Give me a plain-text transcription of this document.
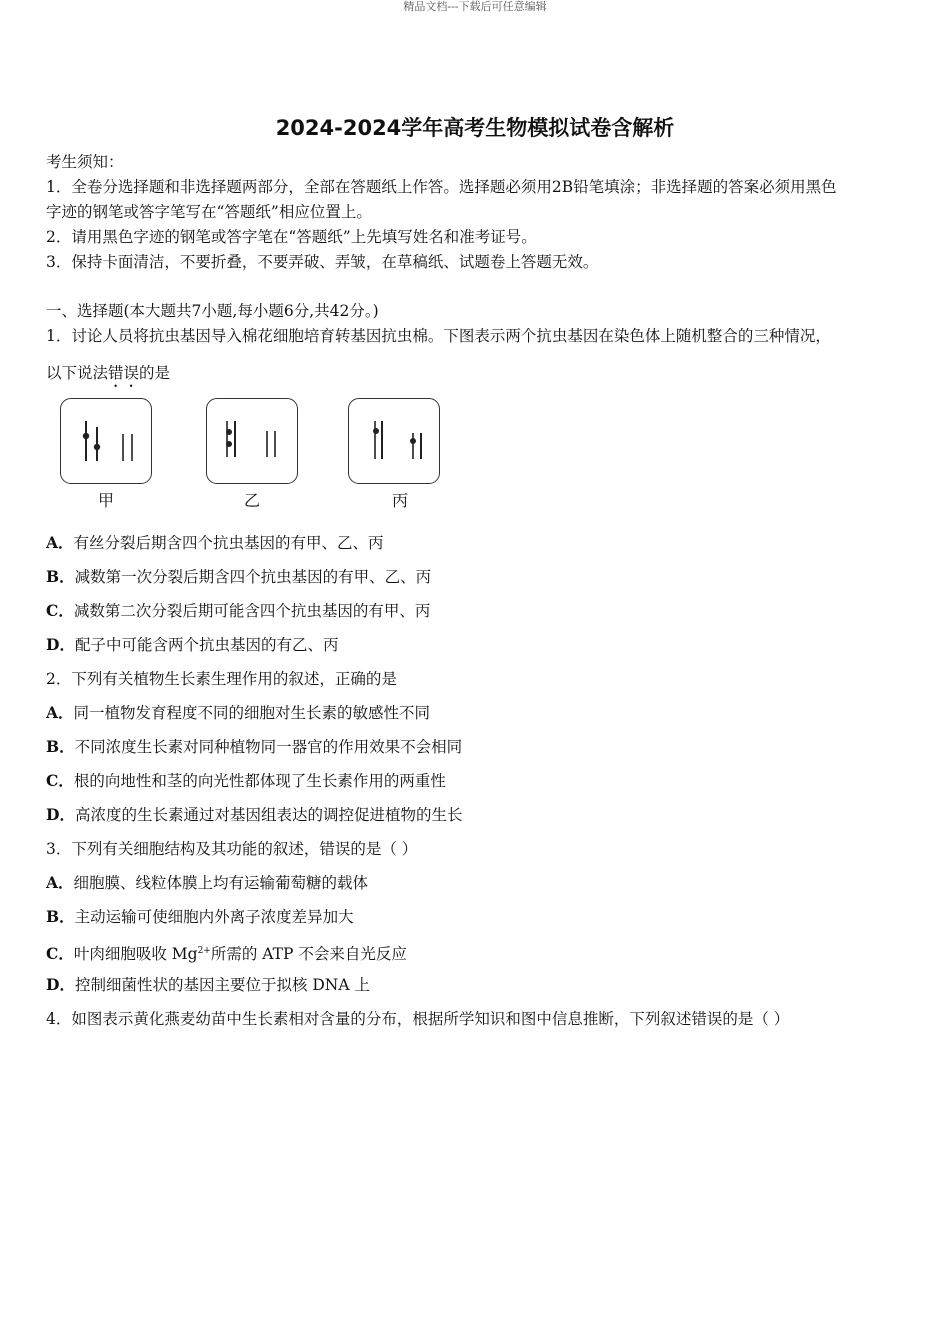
精品文档---下载后可任意编辑
2024-2024学年高考生物模拟试卷含解析
考生须知：
1．全卷分选择题和非选择题两部分，全部在答题纸上作答。选择题必须用2B铅笔填涂；非选择题的答案必须用黑色
字迹的钢笔或答字笔写在“答题纸”相应位置上。
2．请用黑色字迹的钢笔或答字笔在“答题纸”上先填写姓名和准考证号。
3．保持卡面清洁，不要折叠，不要弄破、弄皱，在草稿纸、试题卷上答题无效。
一、选择题(本大题共7小题,每小题6分,共42分。)
1．讨论人员将抗虫基因导入棉花细胞培育转基因抗虫棉。下图表示两个抗虫基因在染色体上随机整合的三种情况，
以下说法错误的是
甲	乙	丙
A．有丝分裂后期含四个抗虫基因的有甲、乙、丙
B．减数第一次分裂后期含四个抗虫基因的有甲、乙、丙
C．减数第二次分裂后期可能含四个抗虫基因的有甲、丙
D．配子中可能含两个抗虫基因的有乙、丙
2．下列有关植物生长素生理作用的叙述，正确的是
A．同一植物发育程度不同的细胞对生长素的敏感性不同
B．不同浓度生长素对同种植物同一器官的作用效果不会相同
C．根的向地性和茎的向光性都体现了生长素作用的两重性
D．高浓度的生长素通过对基因组表达的调控促进植物的生长
3．下列有关细胞结构及其功能的叙述，错误的是（ ）
A．细胞膜、线粒体膜上均有运输葡萄糖的载体
B．主动运输可使细胞内外离子浓度差异加大
C．叶肉细胞吸收 $Mg^{2+}$所需的 ATP 不会来自光反应
D．控制细菌性状的基因主要位于拟核 DNA 上
4．如图表示黄化燕麦幼苗中生长素相对含量的分布，根据所学知识和图中信息推断，下列叙述错误的是（ ）
